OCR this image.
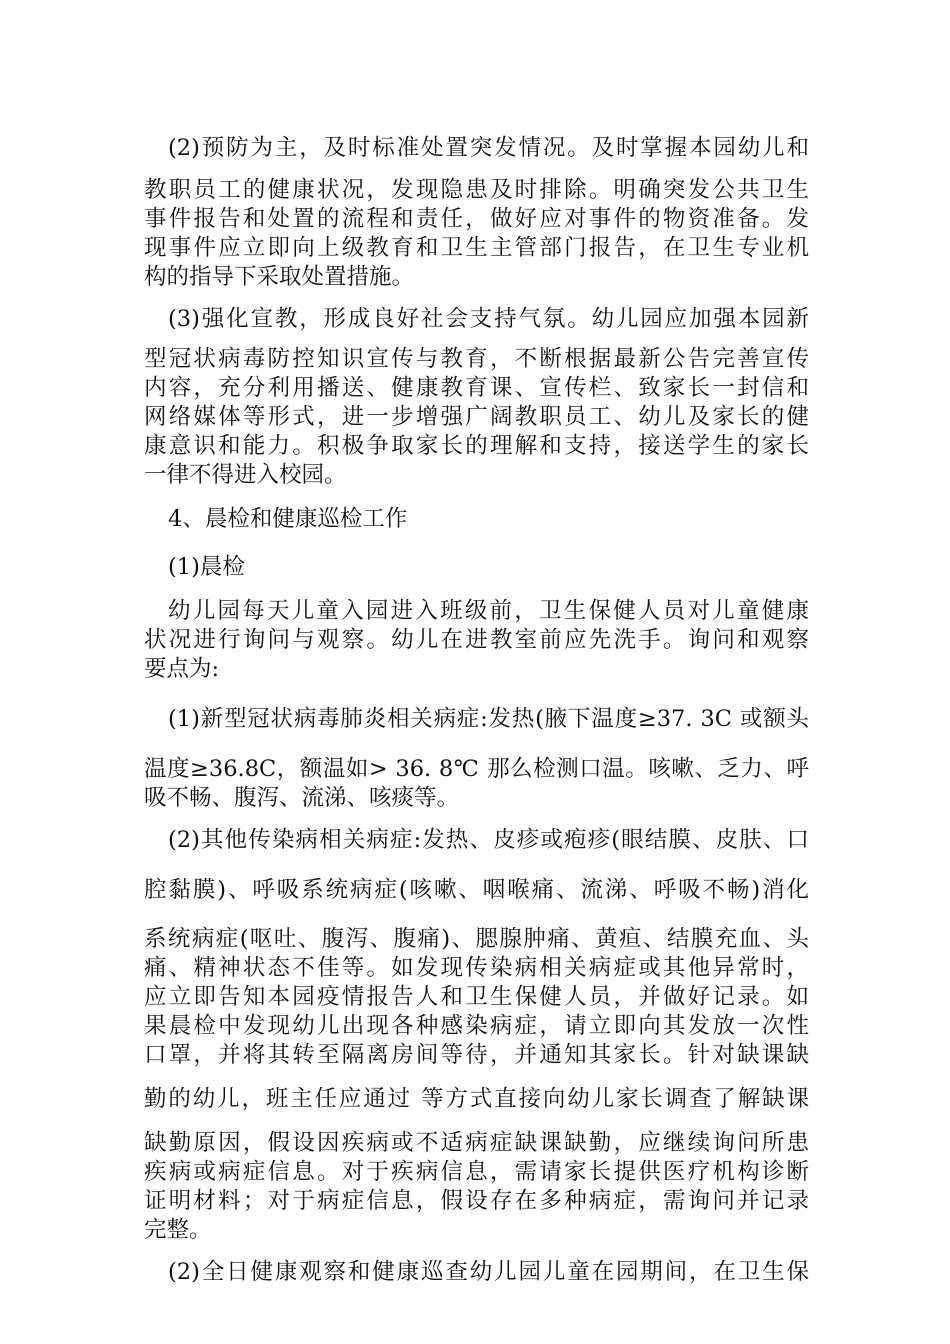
(2)预防为主，及时标准处置突发情况。及时掌握本园幼儿和
教职员工的健康状况，发现隐患及时排除。明确突发公共卫生
事件报告和处置的流程和责任，做好应对事件的物资准备。发
现事件应立即向上级教育和卫生主管部门报告，在卫生专业机
构的指导下采取处置措施。
(3)强化宣教，形成良好社会支持气氛。幼儿园应加强本园新
型冠状病毒防控知识宣传与教育，不断根据最新公告完善宣传
内容，充分利用播送、健康教育课、宣传栏、致家长一封信和
网络媒体等形式，进一步增强广阔教职员工、幼儿及家长的健
康意识和能力。积极争取家长的理解和支持，接送学生的家长
一律不得进入校园。
4、晨检和健康巡检工作
(1)晨检
幼儿园每天儿童入园进入班级前，卫生保健人员对儿童健康
状况进行询问与观察。幼儿在进教室前应先洗手。询问和观察
要点为:
(1)新型冠状病毒肺炎相关病症:发热(腋下温度≥37. 3C 或额头
温度≥36.8C，额温如> 36. 8℃ 那么检测口温。咳嗽、乏力、呼
吸不畅、腹泻、流涕、咳痰等。
(2)其他传染病相关病症:发热、皮疹或疱疹(眼结膜、皮肤、口
腔黏膜)、呼吸系统病症(咳嗽、咽喉痛、流涕、呼吸不畅)消化
系统病症(呕吐、腹泻、腹痛)、腮腺肿痛、黄疸、结膜充血、头
痛、精神状态不佳等。如发现传染病相关病症或其他异常时，
应立即告知本园疫情报告人和卫生保健人员，并做好记录。如
果晨检中发现幼儿出现各种感染病症，请立即向其发放一次性
口罩，并将其转至隔离房间等待，并通知其家长。针对缺课缺
勤的幼儿，班主任应通过 等方式直接向幼儿家长调查了解缺课
缺勤原因，假设因疾病或不适病症缺课缺勤，应继续询问所患
疾病或病症信息。对于疾病信息，需请家长提供医疗机构诊断
证明材料；对于病症信息，假设存在多种病症，需询问并记录
完整。
(2)全日健康观察和健康巡查幼儿园儿童在园期间，在卫生保
